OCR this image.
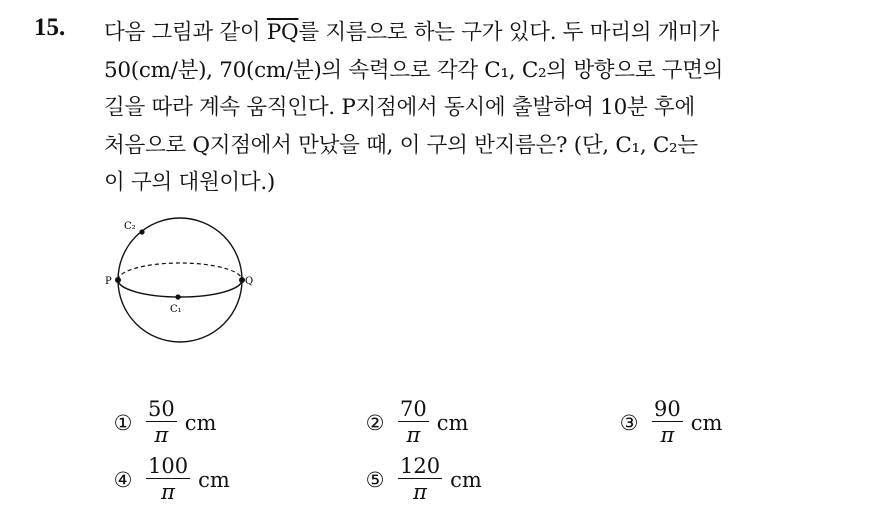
15. 다음 그림과 같이 $\overline{PQ}$를 지름으로 하는 구가 있다. 두 마리의 개미가
50(cm/분), 70(cm/분)의 속력으로 각각 C₁, C₂의 방향으로 구면의
길을 따라 계속 움직인다. P지점에서 동시에 출발하여 10분 후에
처음으로 Q지점에서 만났을 때, 이 구의 반지름은? (단, C₁, C₂는
이 구의 대원이다.)
C₂
P	Q
C₁
① $\frac{50}{\pi}$ cm	② $\frac{70}{\pi}$ cm	③ $\frac{90}{\pi}$ cm
④ $\frac{100}{\pi}$ cm	⑤ $\frac{120}{\pi}$ cm
